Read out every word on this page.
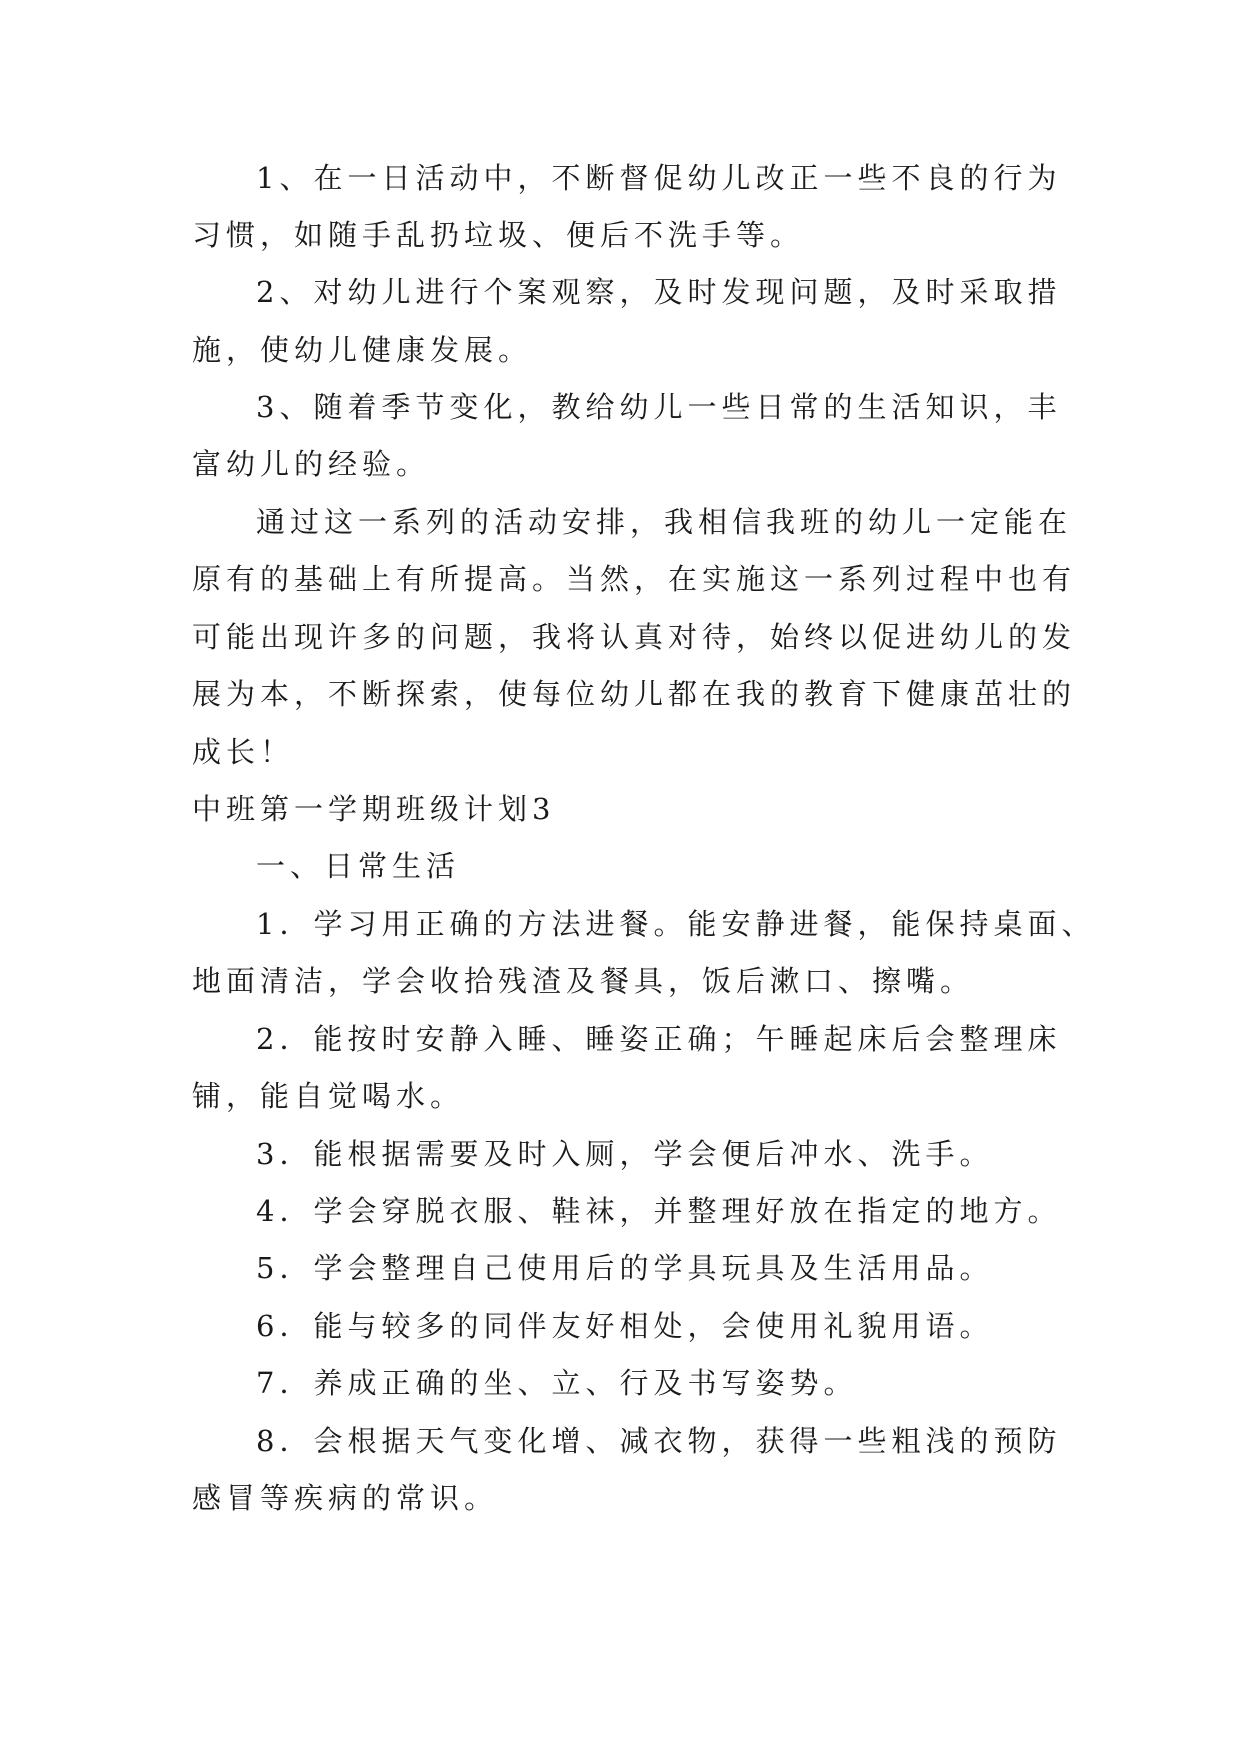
1、在一日活动中，不断督促幼儿改正一些不良的行为
习惯，如随手乱扔垃圾、便后不洗手等。
2、对幼儿进行个案观察，及时发现问题，及时采取措
施，使幼儿健康发展。
3、随着季节变化，教给幼儿一些日常的生活知识，丰
富幼儿的经验。
通过这一系列的活动安排，我相信我班的幼儿一定能在
原有的基础上有所提高。当然，在实施这一系列过程中也有
可能出现许多的问题，我将认真对待，始终以促进幼儿的发
展为本，不断探索，使每位幼儿都在我的教育下健康茁壮的
成长！
中班第一学期班级计划3
一、日常生活
1．学习用正确的方法进餐。能安静进餐，能保持桌面、
地面清洁，学会收拾残渣及餐具，饭后漱口、擦嘴。
2．能按时安静入睡、睡姿正确；午睡起床后会整理床
铺，能自觉喝水。
3．能根据需要及时入厕，学会便后冲水、洗手。
4．学会穿脱衣服、鞋袜，并整理好放在指定的地方。
5．学会整理自己使用后的学具玩具及生活用品。
6．能与较多的同伴友好相处，会使用礼貌用语。
7．养成正确的坐、立、行及书写姿势。
8．会根据天气变化增、减衣物，获得一些粗浅的预防
感冒等疾病的常识。
